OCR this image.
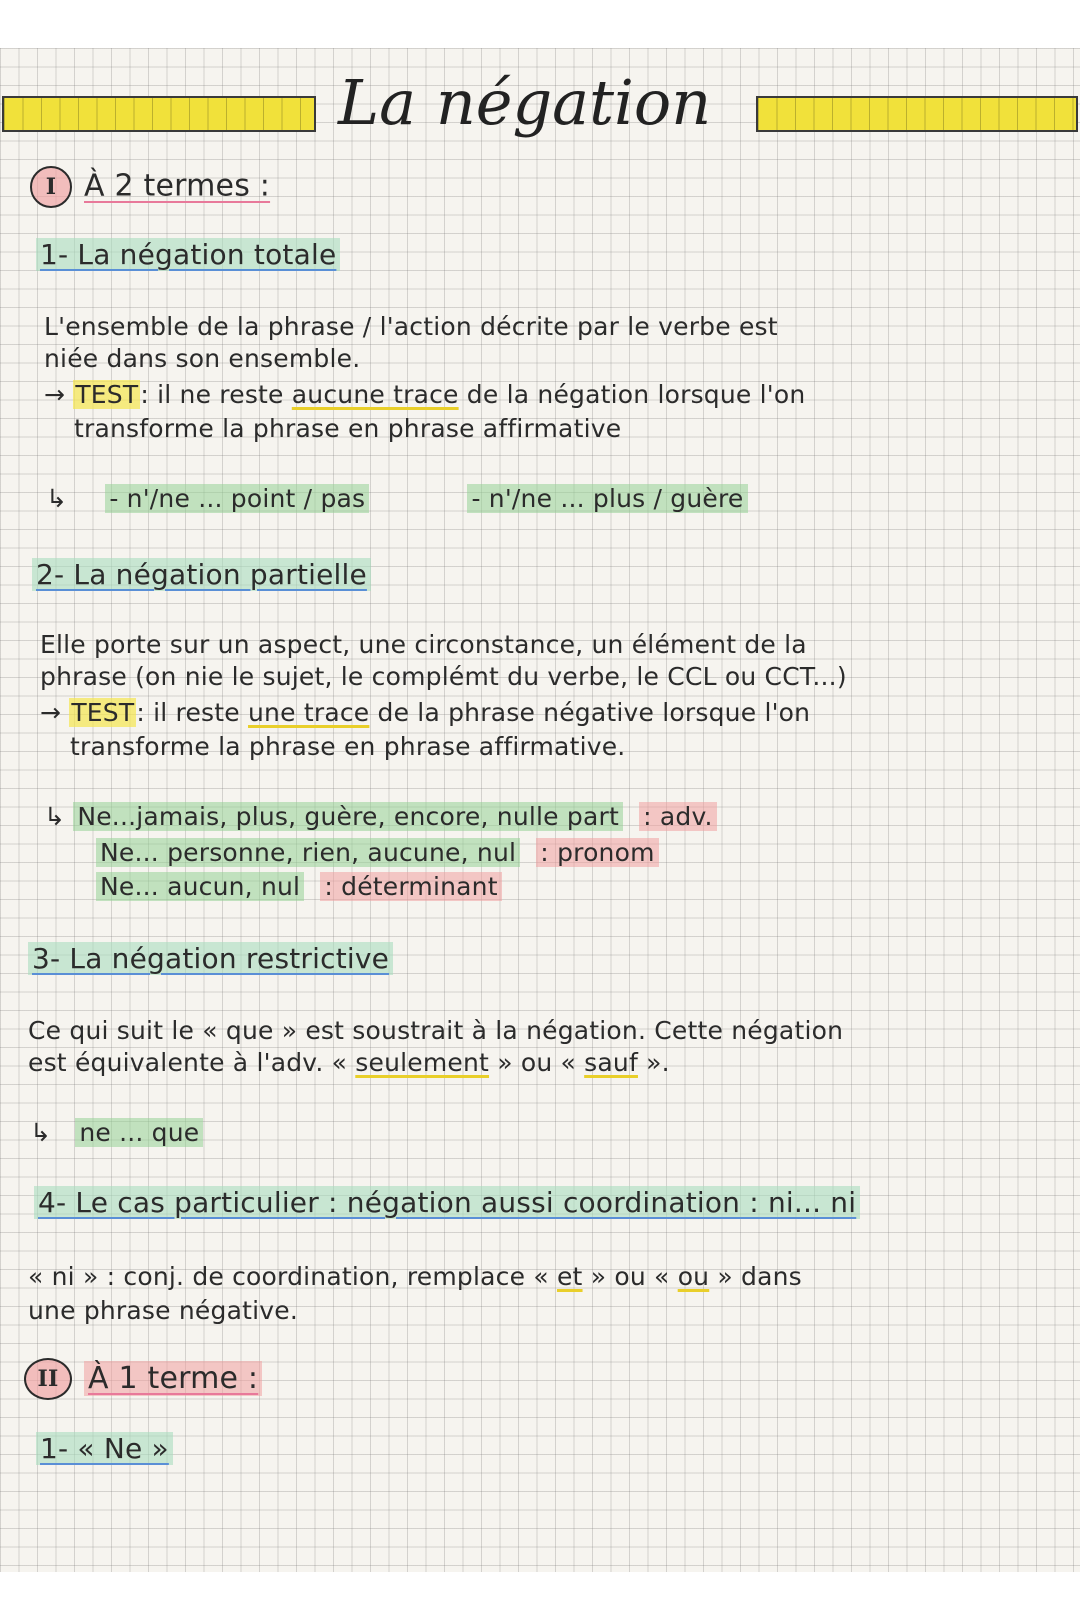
La négation
I À 2 termes :
1- La négation totale
L'ensemble de la phrase / l'action décrite par le verbe est
niée dans son ensemble.
→ TEST: il ne reste aucune trace de la négation lorsque l'on
transforme la phrase en phrase affirmative
↳ - n'/ne ... point / pas	- n'/ne ... plus / guère
2- La négation partielle
Elle porte sur un aspect, une circonstance, un élément de la
phrase (on nie le sujet, le complémt du verbe, le CCL ou CCT...)
→ TEST: il reste une trace de la phrase négative lorsque l'on
transforme la phrase en phrase affirmative.
↳ Ne...jamais, plus, guère, encore, nulle part : adv.
Ne... personne, rien, aucune, nul : pronom
Ne... aucun, nul : déterminant
3- La négation restrictive
Ce qui suit le « que » est soustrait à la négation. Cette négation
est équivalente à l'adv. « seulement » ou « sauf ».
↳ ne ... que
4- Le cas particulier : négation aussi coordination : ni... ni
« ni » : conj. de coordination, remplace « et » ou « ou » dans
une phrase négative.
II À 1 terme :
1- « Ne »
